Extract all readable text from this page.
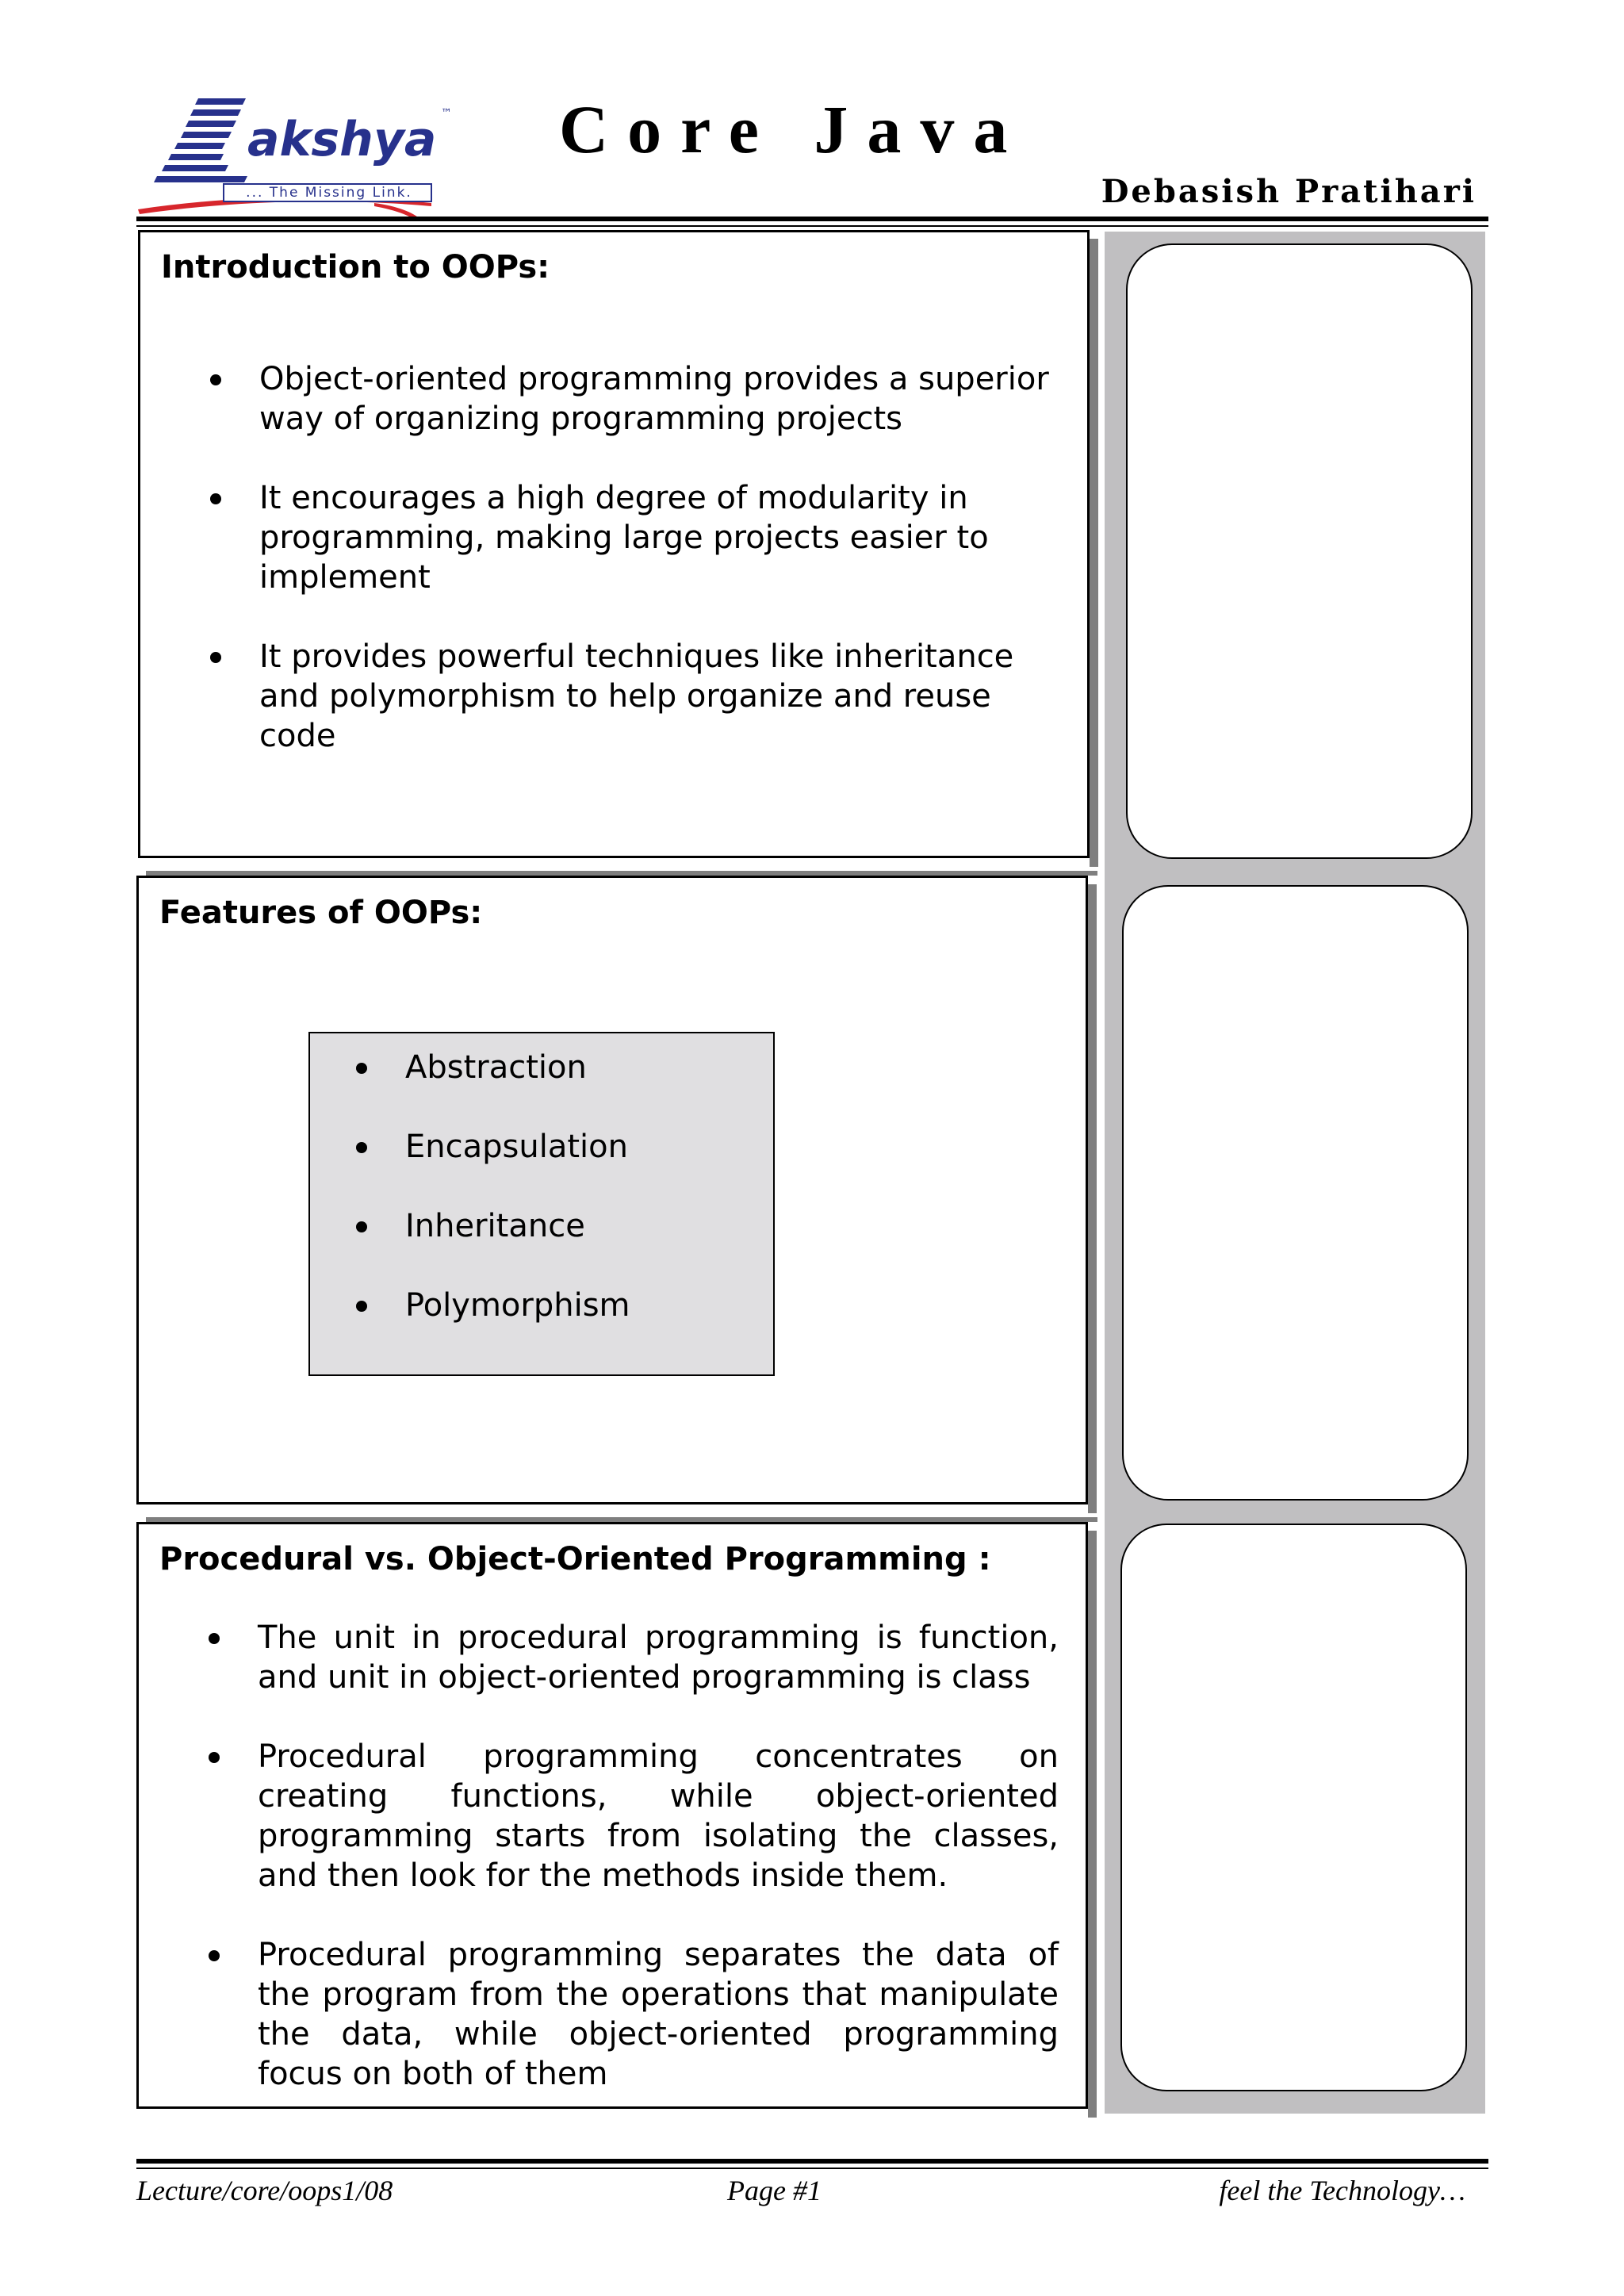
akshya ™
... The Missing Link.
Core Java
Debasish Pratihari
Introduction to OOPs:
Object-oriented programming provides a superior way of organizing programming projects
It encourages a high degree of modularity in programming, making large projects easier to implement
It provides powerful techniques like inheritance and polymorphism to help organize and reuse code
Features of OOPs:
Abstraction
Encapsulation
Inheritance
Polymorphism
Procedural vs. Object-Oriented Programming :
The unit in procedural programming is function, and unit in object-oriented programming is class
Procedural programming concentrates on creating functions, while object-oriented programming starts from isolating the classes, and then look for the methods inside them.
Procedural programming separates the data of the program from the operations that manipulate the data, while object-oriented programming focus on both of them
Lecture/core/oops1/08	Page #1	feel the Technology…
